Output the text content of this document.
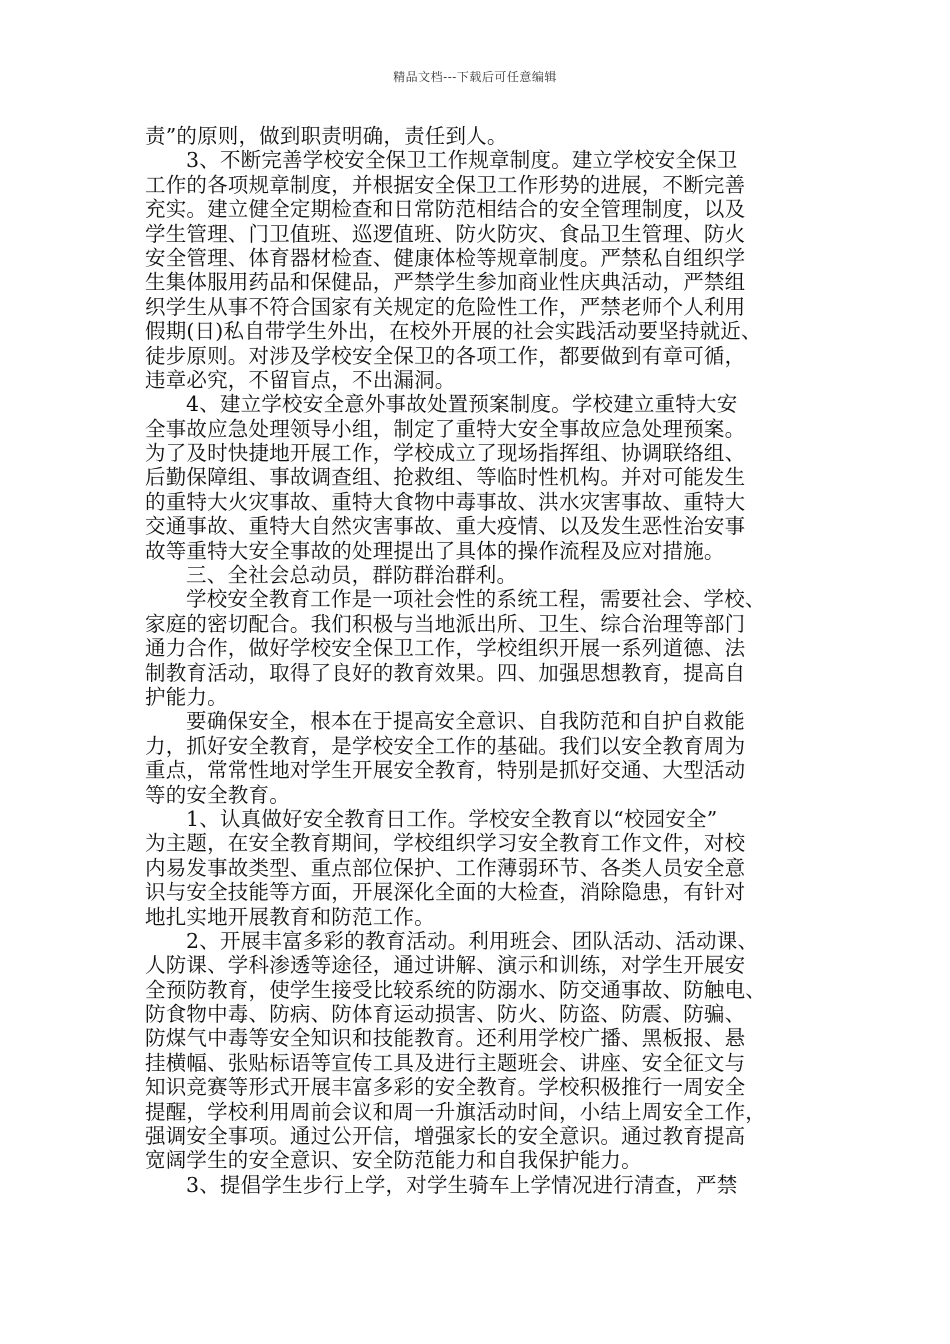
精品文档---下载后可任意编辑
责”的原则，做到职责明确，责任到人。
3、不断完善学校安全保卫工作规章制度。建立学校安全保卫
工作的各项规章制度，并根据安全保卫工作形势的进展，不断完善
充实。建立健全定期检查和日常防范相结合的安全管理制度，以及
学生管理、门卫值班、巡逻值班、防火防灾、食品卫生管理、防火
安全管理、体育器材检查、健康体检等规章制度。严禁私自组织学
生集体服用药品和保健品，严禁学生参加商业性庆典活动，严禁组
织学生从事不符合国家有关规定的危险性工作，严禁老师个人利用
假期(日)私自带学生外出，在校外开展的社会实践活动要坚持就近、
徒步原则。对涉及学校安全保卫的各项工作，都要做到有章可循，
违章必究，不留盲点，不出漏洞。
4、建立学校安全意外事故处置预案制度。学校建立重特大安
全事故应急处理领导小组，制定了重特大安全事故应急处理预案。
为了及时快捷地开展工作，学校成立了现场指挥组、协调联络组、
后勤保障组、事故调查组、抢救组、等临时性机构。并对可能发生
的重特大火灾事故、重特大食物中毒事故、洪水灾害事故、重特大
交通事故、重特大自然灾害事故、重大疫情、以及发生恶性治安事
故等重特大安全事故的处理提出了具体的操作流程及应对措施。
三、全社会总动员，群防群治群利。
学校安全教育工作是一项社会性的系统工程，需要社会、学校、
家庭的密切配合。我们积极与当地派出所、卫生、综合治理等部门
通力合作，做好学校安全保卫工作，学校组织开展一系列道德、法
制教育活动，取得了良好的教育效果。四、加强思想教育，提高自
护能力。
要确保安全，根本在于提高安全意识、自我防范和自护自救能
力，抓好安全教育，是学校安全工作的基础。我们以安全教育周为
重点，常常性地对学生开展安全教育，特别是抓好交通、大型活动
等的安全教育。
1、认真做好安全教育日工作。学校安全教育以“校园安全”
为主题，在安全教育期间，学校组织学习安全教育工作文件，对校
内易发事故类型、重点部位保护、工作薄弱环节、各类人员安全意
识与安全技能等方面，开展深化全面的大检查，消除隐患，有针对
地扎实地开展教育和防范工作。
2、开展丰富多彩的教育活动。利用班会、团队活动、活动课、
人防课、学科渗透等途径，通过讲解、演示和训练，对学生开展安
全预防教育，使学生接受比较系统的防溺水、防交通事故、防触电、
防食物中毒、防病、防体育运动损害、防火、防盗、防震、防骗、
防煤气中毒等安全知识和技能教育。还利用学校广播、黑板报、悬
挂横幅、张贴标语等宣传工具及进行主题班会、讲座、安全征文与
知识竞赛等形式开展丰富多彩的安全教育。学校积极推行一周安全
提醒，学校利用周前会议和周一升旗活动时间，小结上周安全工作，
强调安全事项。通过公开信，增强家长的安全意识。通过教育提高
宽阔学生的安全意识、安全防范能力和自我保护能力。
3、提倡学生步行上学，对学生骑车上学情况进行清查，严禁
